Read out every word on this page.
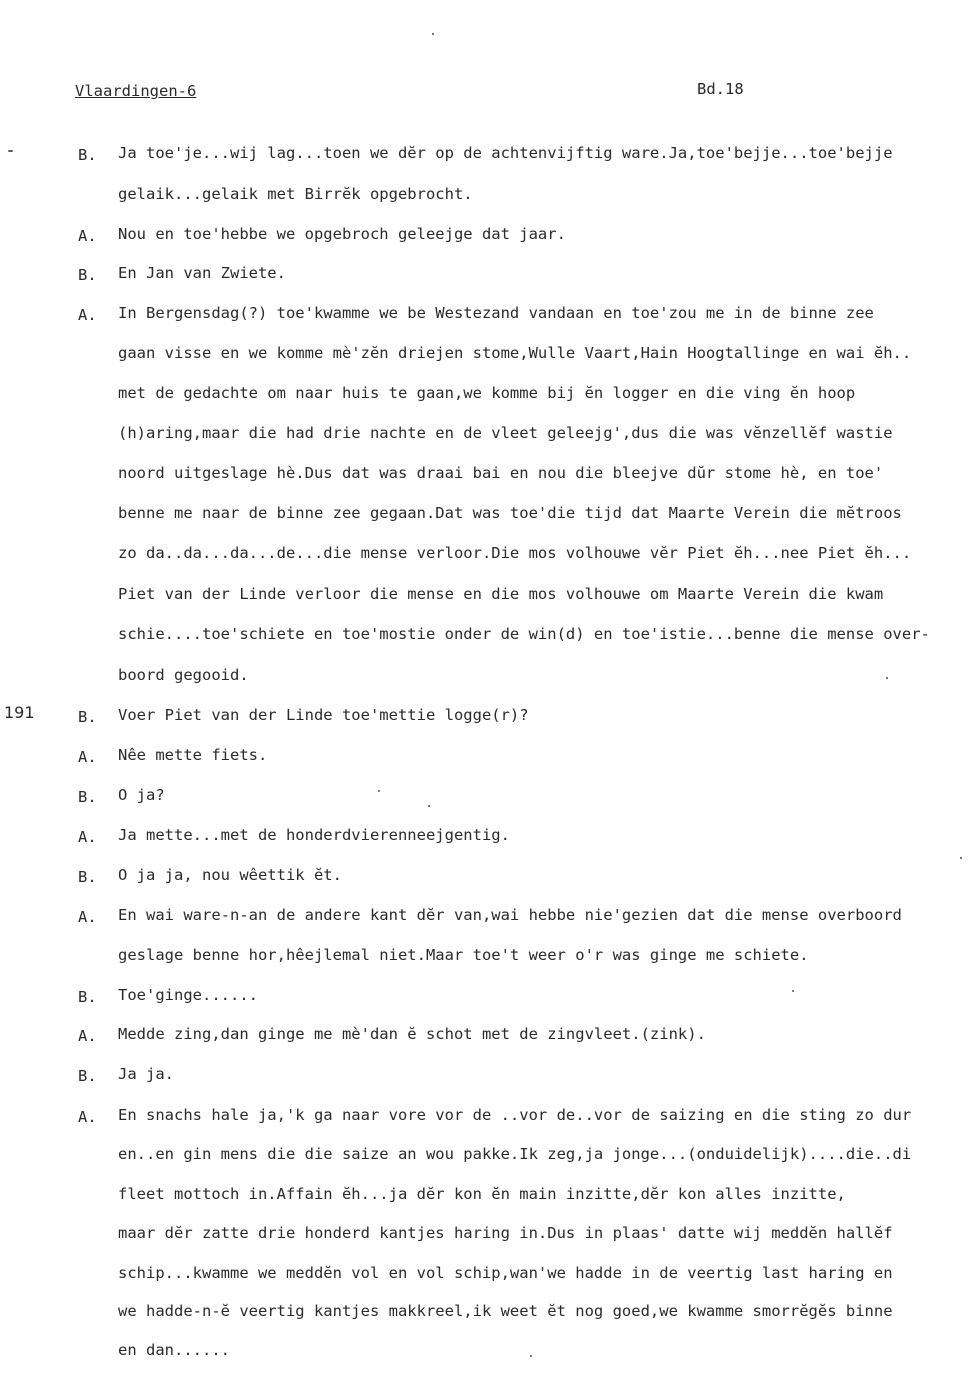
Vlaardingen-6	Bd.18
191
B. Ja toe'je...wij lag...toen we dĕr op de achtenvijftig ware.Ja,toe'bejje...toe'bejje
gelaik...gelaik met Birrĕk opgebrocht.
A. Nou en toe'hebbe we opgebroch geleejge dat jaar.
B. En Jan van Zwiete.
A. In Bergensdag(?) toe'kwamme we be Westezand vandaan en toe'zou me in de binne zee
gaan visse en we komme mè'zĕn driejen stome,Wulle Vaart,Hain Hoogtallinge en wai ĕh..
met de gedachte om naar huis te gaan,we komme bij ĕn logger en die ving ĕn hoop
(h)aring,maar die had drie nachte en de vleet geleejg',dus die was vĕnzellĕf wastie
noord uitgeslage hè.Dus dat was draai bai en nou die bleejve dŭr stome hè, en toe'
benne me naar de binne zee gegaan.Dat was toe'die tijd dat Maarte Verein die mĕtroos
zo da..da...da...de...die mense verloor.Die mos volhouwe vĕr Piet ĕh...nee Piet ĕh...
Piet van der Linde verloor die mense en die mos volhouwe om Maarte Verein die kwam
schie....toe'schiete en toe'mostie onder de win(d) en toe'istie...benne die mense over-
boord gegooid.
B. Voer Piet van der Linde toe'mettie logge(r)?
A. Nêe mette fiets.
B. O ja?
A. Ja mette...met de honderdvierenneejgentig.
B. O ja ja, nou wêettik ĕt.
A. En wai ware-n-an de andere kant dĕr van,wai hebbe nie'gezien dat die mense overboord
geslage benne hor,hêejlemal niet.Maar toe't weer o'r was ginge me schiete.
B. Toe'ginge......
A. Medde zing,dan ginge me mè'dan ĕ schot met de zingvleet.(zink).
B. Ja ja.
A. En snachs hale ja,'k ga naar vore vor de ..vor de..vor de saizing en die sting zo dur
en..en gin mens die die saize an wou pakke.Ik zeg,ja jonge...(onduidelijk)....die..di
fleet mottoch in.Affain ĕh...ja dĕr kon ĕn main inzitte,dĕr kon alles inzitte,
maar dĕr zatte drie honderd kantjes haring in.Dus in plaas' datte wij meddĕn hallĕf
schip...kwamme we meddĕn vol en vol schip,wan'we hadde in de veertig last haring en
we hadde-n-ĕ veertig kantjes makkreel,ik weet ĕt nog goed,we kwamme smorrĕgĕs binne
en dan......
